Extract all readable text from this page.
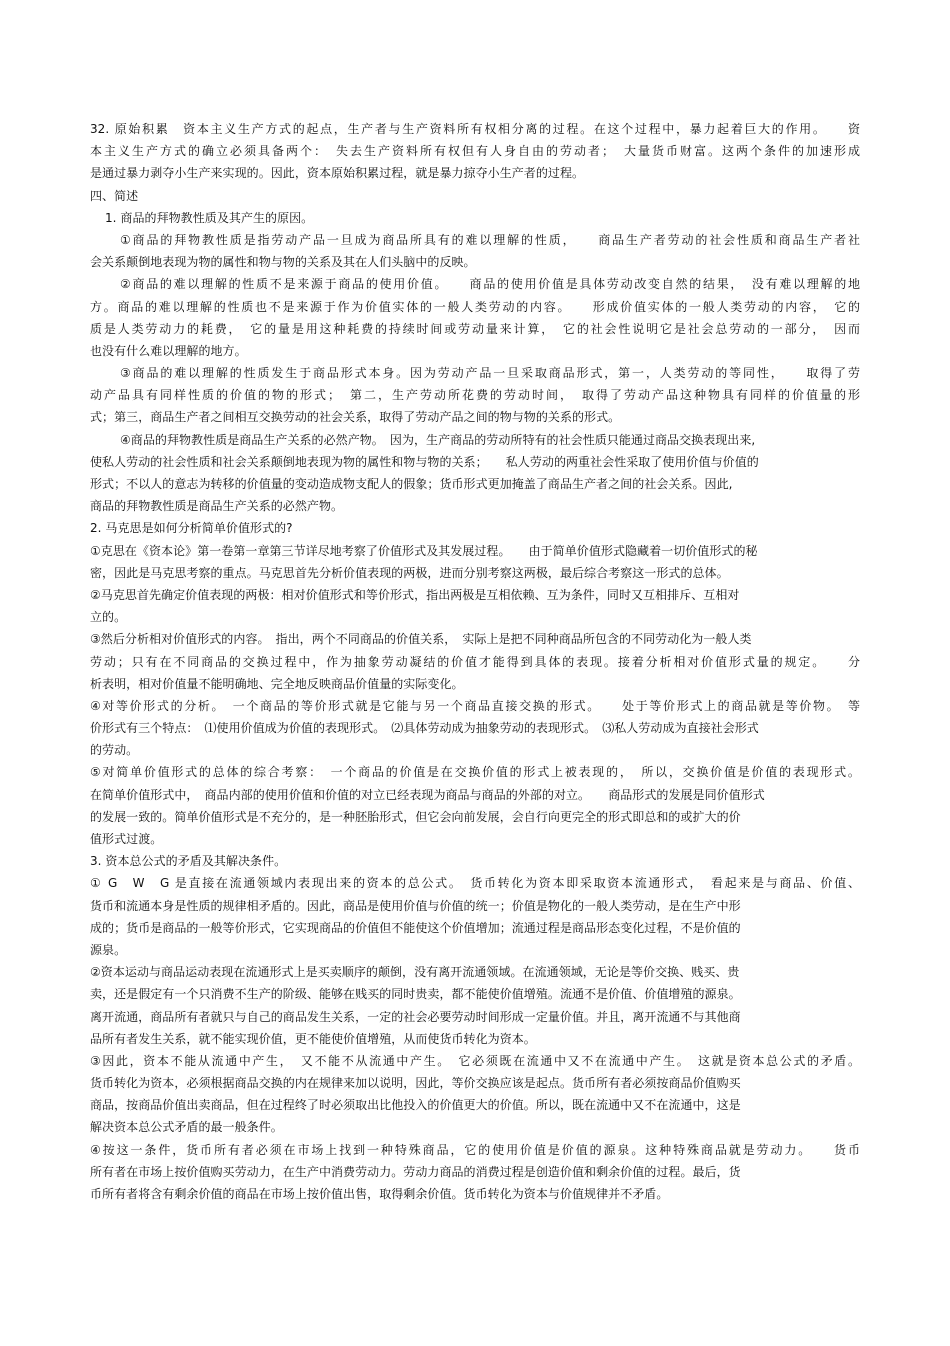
32. 原始积累　资本主义生产方式的起点，生产者与生产资料所有权相分离的过程。在这个过程中，暴力起着巨大的作用。　　资
本主义生产方式的确立必须具备两个：　失去生产资料所有权但有人身自由的劳动者；　大量货币财富。这两个条件的加速形成
是通过暴力剥夺小生产来实现的。因此，资本原始积累过程，就是暴力掠夺小生产者的过程。
四、简述
1. 商品的拜物教性质及其产生的原因。
①商品的拜物教性质是指劳动产品一旦成为商品所具有的难以理解的性质，　　商品生产者劳动的社会性质和商品生产者社
会关系颠倒地表现为物的属性和物与物的关系及其在人们头脑中的反映。
②商品的难以理解的性质不是来源于商品的使用价值。　　商品的使用价值是具体劳动改变自然的结果，　没有难以理解的地
方。商品的难以理解的性质也不是来源于作为价值实体的一般人类劳动的内容。　　形成价值实体的一般人类劳动的内容，　它的
质是人类劳动力的耗费，　它的量是用这种耗费的持续时间或劳动量来计算，　它的社会性说明它是社会总劳动的一部分，　因而
也没有什么难以理解的地方。
③商品的难以理解的性质发生于商品形式本身。因为劳动产品一旦采取商品形式，第一，人类劳动的等同性，　　取得了劳
动产品具有同样性质的价值的物的形式；　第二，生产劳动所花费的劳动时间，　取得了劳动产品这种物具有同样的价值量的形
式；第三，商品生产者之间相互交换劳动的社会关系，取得了劳动产品之间的物与物的关系的形式。
④商品的拜物教性质是商品生产关系的必然产物。　因为，生产商品的劳动所特有的社会性质只能通过商品交换表现出来,
使私人劳动的社会性质和社会关系颠倒地表现为物的属性和物与物的关系；　　私人劳动的两重社会性采取了使用价值与价值的
形式；不以人的意志为转移的价值量的变动造成物支配人的假象；货币形式更加掩盖了商品生产者之间的社会关系。因此,
商品的拜物教性质是商品生产关系的必然产物。
2. 马克思是如何分析简单价值形式的?
①克思在《资本论》第一卷第一章第三节详尽地考察了价值形式及其发展过程。　　由于简单价值形式隐藏着一切价值形式的秘
密，因此是马克思考察的重点。马克思首先分析价值表现的两极，进而分别考察这两极，最后综合考察这一形式的总体。
②马克思首先确定价值表现的两极：相对价值形式和等价形式，指出两极是互相依赖、互为条件，同时又互相排斥、互相对
立的。
③然后分析相对价值形式的内容。　指出，两个不同商品的价值关系，　实际上是把不同种商品所包含的不同劳动化为一般人类
劳动；只有在不同商品的交换过程中，作为抽象劳动凝结的价值才能得到具体的表现。接着分析相对价值形式量的规定。　　分
析表明，相对价值量不能明确地、完全地反映商品价值量的实际变化。
④对等价形式的分析。　一个商品的等价形式就是它能与另一个商品直接交换的形式。　　处于等价形式上的商品就是等价物。　等
价形式有三个特点：　⑴使用价值成为价值的表现形式。　⑵具体劳动成为抽象劳动的表现形式。　⑶私人劳动成为直接社会形式
的劳动。
⑤对简单价值形式的总体的综合考察：　一个商品的价值是在交换价值的形式上被表现的，　所以，交换价值是价值的表现形式。
在简单价值形式中，　商品内部的使用价值和价值的对立已经表现为商品与商品的外部的对立。　　商品形式的发展是同价值形式
的发展一致的。简单价值形式是不充分的，是一种胚胎形式，但它会向前发展，会自行向更完全的形式即总和的或扩大的价
值形式过渡。
3. 资本总公式的矛盾及其解决条件。
① G　W　G 是直接在流通领域内表现出来的资本的总公式。　货币转化为资本即采取资本流通形式，　看起来是与商品、价值、
货币和流通本身是性质的规律相矛盾的。因此，商品是使用价值与价值的统一；价值是物化的一般人类劳动，是在生产中形
成的；货币是商品的一般等价形式，它实现商品的价值但不能使这个价值增加；流通过程是商品形态变化过程，不是价值的
源泉。
②资本运动与商品运动表现在流通形式上是买卖顺序的颠倒，没有离开流通领域。在流通领域，无论是等价交换、贱买、贵
卖，还是假定有一个只消费不生产的阶级、能够在贱买的同时贵卖，都不能使价值增殖。流通不是价值、价值增殖的源泉。
离开流通，商品所有者就只与自己的商品发生关系，一定的社会必要劳动时间形成一定量价值。并且，离开流通不与其他商
品所有者发生关系，就不能实现价值，更不能使价值增殖，从而使货币转化为资本。
③因此，资本不能从流通中产生，　又不能不从流通中产生。　它必须既在流通中又不在流通中产生。　这就是资本总公式的矛盾。
货币转化为资本，必须根据商品交换的内在规律来加以说明，因此，等价交换应该是起点。货币所有者必须按商品价值购买
商品，按商品价值出卖商品，但在过程终了时必须取出比他投入的价值更大的价值。所以，既在流通中又不在流通中，这是
解决资本总公式矛盾的最一般条件。
④按这一条件，货币所有者必须在市场上找到一种特殊商品，它的使用价值是价值的源泉。这种特殊商品就是劳动力。　　货币
所有者在市场上按价值购买劳动力，在生产中消费劳动力。劳动力商品的消费过程是创造价值和剩余价值的过程。最后，货
币所有者将含有剩余价值的商品在市场上按价值出售，取得剩余价值。货币转化为资本与价值规律并不矛盾。
